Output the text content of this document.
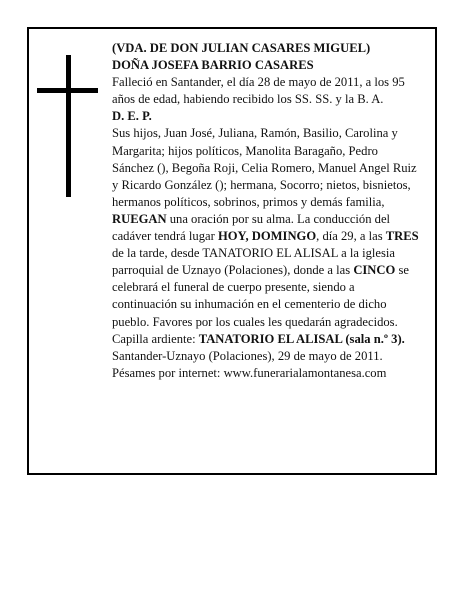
(VDA. DE DON JULIAN CASARES MIGUEL)

DOÑA JOSEFA BARRIO CASARES

Falleció en Santander, el día 28 de mayo de 2011, a los 95 años de edad, habiendo recibido los SS. SS. y la B. A.

D. E. P.

Sus hijos, Juan José, Juliana, Ramón, Basilio, Carolina y Margarita; hijos políticos, Manolita Baragaño, Pedro Sánchez (), Begoña Roji, Celia Romero, Manuel Angel Ruiz y Ricardo González (); hermana, Socorro; nietos, bisnietos, hermanos políticos, sobrinos, primos y demás familia,

RUEGAN una oración por su alma. La conducción del cadáver tendrá lugar HOY, DOMINGO, día 29, a las TRES de la tarde, desde TANATORIO EL ALISAL a la iglesia parroquial de Uznayo (Polaciones), donde a las CINCO se celebrará el funeral de cuerpo presente, siendo a continuación su inhumación en el cementerio de dicho pueblo. Favores por los cuales les quedarán agradecidos. Capilla ardiente: TANATORIO EL ALISAL (sala n.º 3).

Santander-Uznayo (Polaciones), 29 de mayo de 2011.

Pésames por internet: www.funerarialamontanesa.com
